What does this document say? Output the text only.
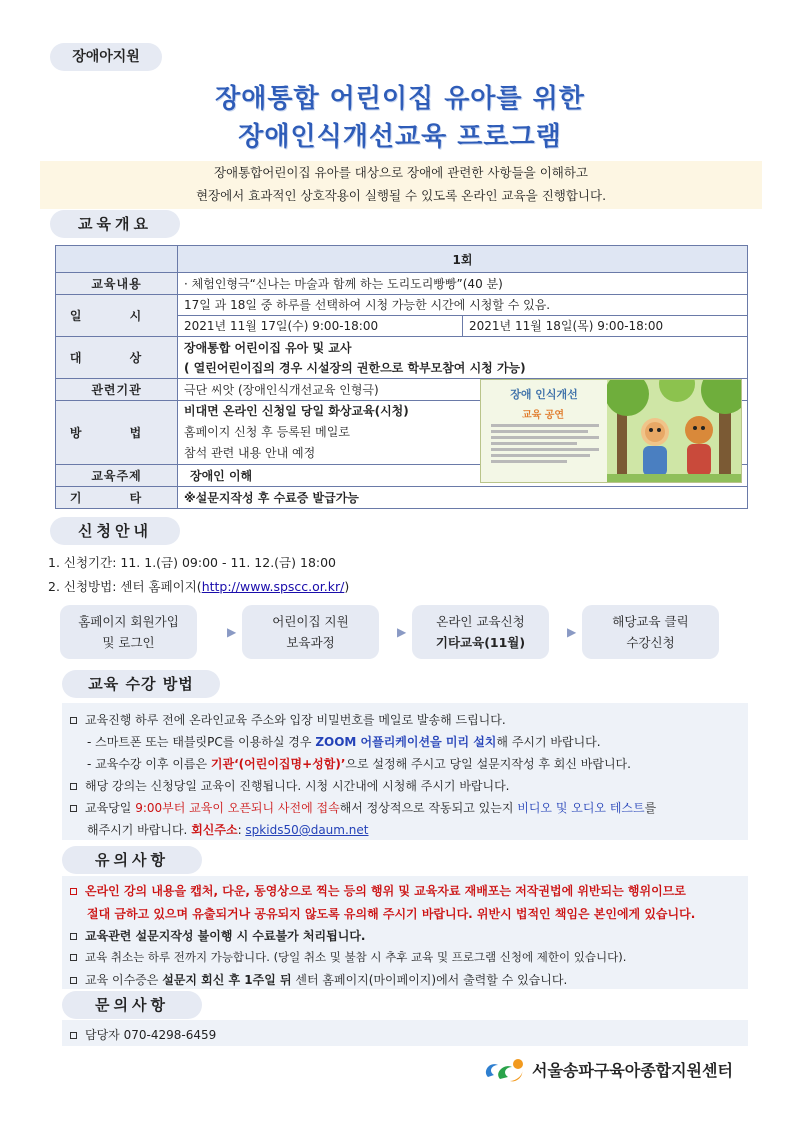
장애아지원
장애통합 어린이집 유아를 위한
장애인식개선교육 프로그램
장애통합어린이집 유아를 대상으로 장애에 관련한 사항들을 이해하고
현장에서 효과적인 상호작용이 실행될 수 있도록 온라인 교육을 진행합니다.
교육개요
	1회
교육내용	· 체험인형극“신나는 마술과 함께 하는 도리도리빵빵”(40 분)
일 시	17일 과 18일 중 하루를 선택하여 시청 가능한 시간에 시청할 수 있음.
2021년 11월 17일(수) 9:00-18:00 2021년 11월 18일(목) 9:00-18:00

대 상	장애통합 어린이집 유아 및 교사
( 열린어린이집의 경우 시설장의 권한으로 학부모참여 시청 가능)

관련기관	극단 씨앗 (장애인식개선교육 인형극)
방 법	비대면 온라인 신청일 당일 화상교육(시청)
홈페이지 신청 후 등록된 메일로
참석 관련 내용 안내 예정

교육주제	장애인 이해
기 타	※설문지작성 후 수료증 발급가능
장애 인식개선
교육 공연
신청안내
1. 신청기간: 11. 1.(금) 09:00 - 11. 12.(금) 18:00
2. 신청방법: 센터 홈페이지(http://www.spscc.or.kr/)
홈페이지 회원가입
및 로그인
▶
어린이집 지원
보육과정
▶
온라인 교육신청
기타교육(11월)
▶
해당교육 클릭
수강신청
교육 수강 방법
교육진행 하루 전에 온라인교육 주소와 입장 비밀번호를 메일로 발송해 드립니다.
- 스마트폰 또는 태블릿PC를 이용하실 경우 ZOOM 어플리케이션을 미리 설치해 주시기 바랍니다.
- 교육수강 이후 이름은 기관‘(어린이집명+성함)’으로 설정해 주시고 당일 설문지작성 후 회신 바랍니다.
해당 강의는 신청당일 교육이 진행됩니다. 시청 시간내에 시청해 주시기 바랍니다.
교육당일 9:00부터 교육이 오픈되니 사전에 접속해서 정상적으로 작동되고 있는지 비디오 및 오디오 테스트를
해주시기 바랍니다. 회신주소: spkids50@daum.net
유의사항
온라인 강의 내용을 캡처, 다운, 동영상으로 찍는 등의 행위 및 교육자료 재배포는 저작권법에 위반되는 행위이므로
절대 금하고 있으며 유출되거나 공유되지 않도록 유의해 주시기 바랍니다. 위반시 법적인 책임은 본인에게 있습니다.
교육관련 설문지작성 불이행 시 수료불가 처리됩니다.
교육 취소는 하루 전까지 가능합니다. (당일 취소 및 불참 시 추후 교육 및 프로그램 신청에 제한이 있습니다).
교육 이수증은 설문지 회신 후 1주일 뒤 센터 홈페이지(마이페이지)에서 출력할 수 있습니다.
문의사항
담당자 070-4298-6459
서울송파구육아종합지원센터
